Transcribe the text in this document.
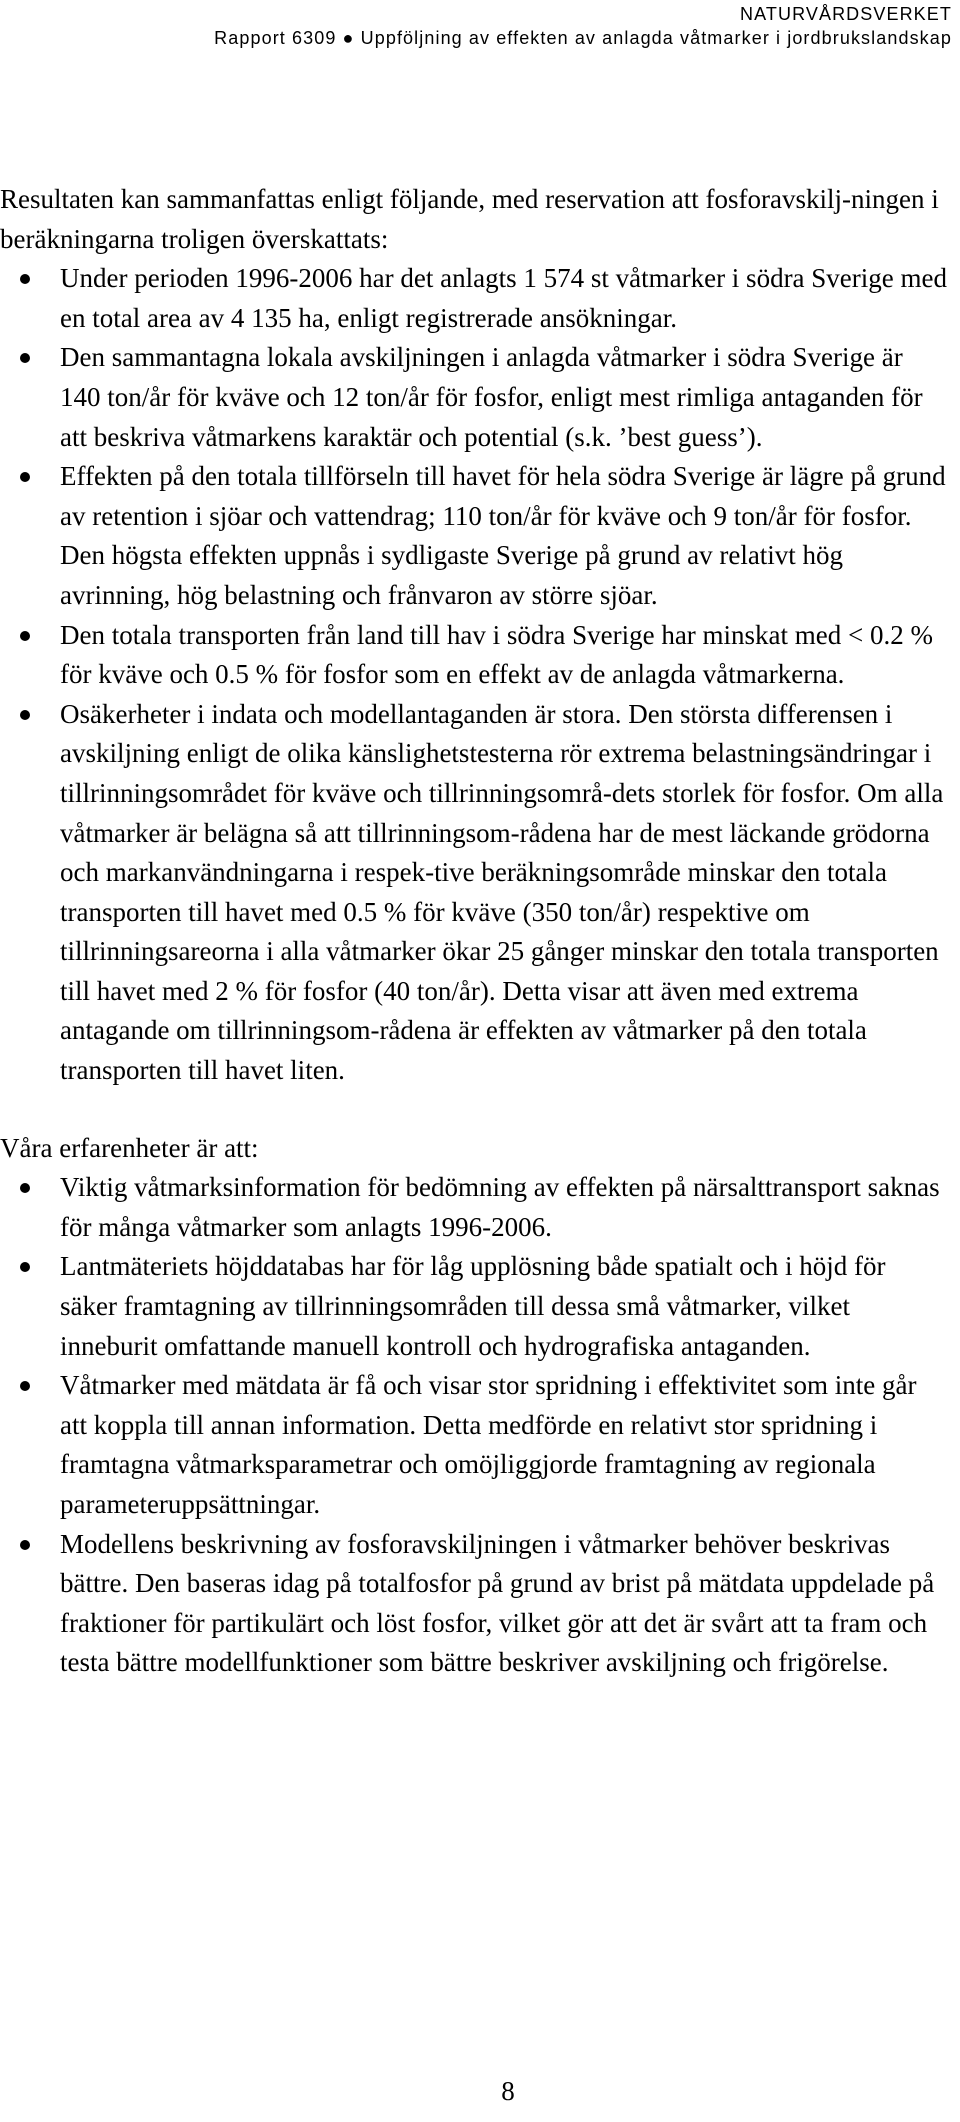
NATURVÅRDSVERKET
Rapport 6309 ● Uppföljning av effekten av anlagda våtmarker i jordbrukslandskap

Resultaten kan sammanfattas enligt följande, med reservation att fosforavskilj-ningen i beräkningarna troligen överskattats:

Under perioden 1996-2006 har det anlagts 1 574 st våtmarker i södra Sverige med en total area av 4 135 ha, enligt registrerade ansökningar.
Den sammantagna lokala avskiljningen i anlagda våtmarker i södra Sverige är 140 ton/år för kväve och 12 ton/år för fosfor, enligt mest rimliga antaganden för att beskriva våtmarkens karaktär och potential (s.k. ’best guess’).
Effekten på den totala tillförseln till havet för hela södra Sverige är lägre på grund av retention i sjöar och vattendrag; 110 ton/år för kväve och 9 ton/år för fosfor. Den högsta effekten uppnås i sydligaste Sverige på grund av relativt hög avrinning, hög belastning och frånvaron av större sjöar.
Den totala transporten från land till hav i södra Sverige har minskat med < 0.2 % för kväve och 0.5 % för fosfor som en effekt av de anlagda våtmarkerna.
Osäkerheter i indata och modellantaganden är stora. Den största differensen i avskiljning enligt de olika känslighetstesterna rör extrema belastningsändringar i tillrinningsområdet för kväve och tillrinningsområ-dets storlek för fosfor. Om alla våtmarker är belägna så att tillrinningsom-rådena har de mest läckande grödorna och markanvändningarna i respek-tive beräkningsområde minskar den totala transporten till havet med 0.5 % för kväve (350 ton/år) respektive om tillrinningsareorna i alla våtmarker ökar 25 gånger minskar den totala transporten till havet med 2 % för fosfor (40 ton/år). Detta visar att även med extrema antagande om tillrinningsom-rådena är effekten av våtmarker på den totala transporten till havet liten.

Våra erfarenheter är att:

Viktig våtmarksinformation för bedömning av effekten på närsalttransport saknas för många våtmarker som anlagts 1996-2006.
Lantmäteriets höjddatabas har för låg upplösning både spatialt och i höjd för säker framtagning av tillrinningsområden till dessa små våtmarker, vilket inneburit omfattande manuell kontroll och hydrografiska antaganden.
Våtmarker med mätdata är få och visar stor spridning i effektivitet som inte går att koppla till annan information. Detta medförde en relativt stor spridning i framtagna våtmarksparametrar och omöjliggjorde framtagning av regionala parameteruppsättningar.
Modellens beskrivning av fosforavskiljningen i våtmarker behöver beskrivas bättre. Den baseras idag på totalfosfor på grund av brist på mätdata uppdelade på fraktioner för partikulärt och löst fosfor, vilket gör att det är svårt att ta fram och testa bättre modellfunktioner som bättre beskriver avskiljning och frigörelse.
8
